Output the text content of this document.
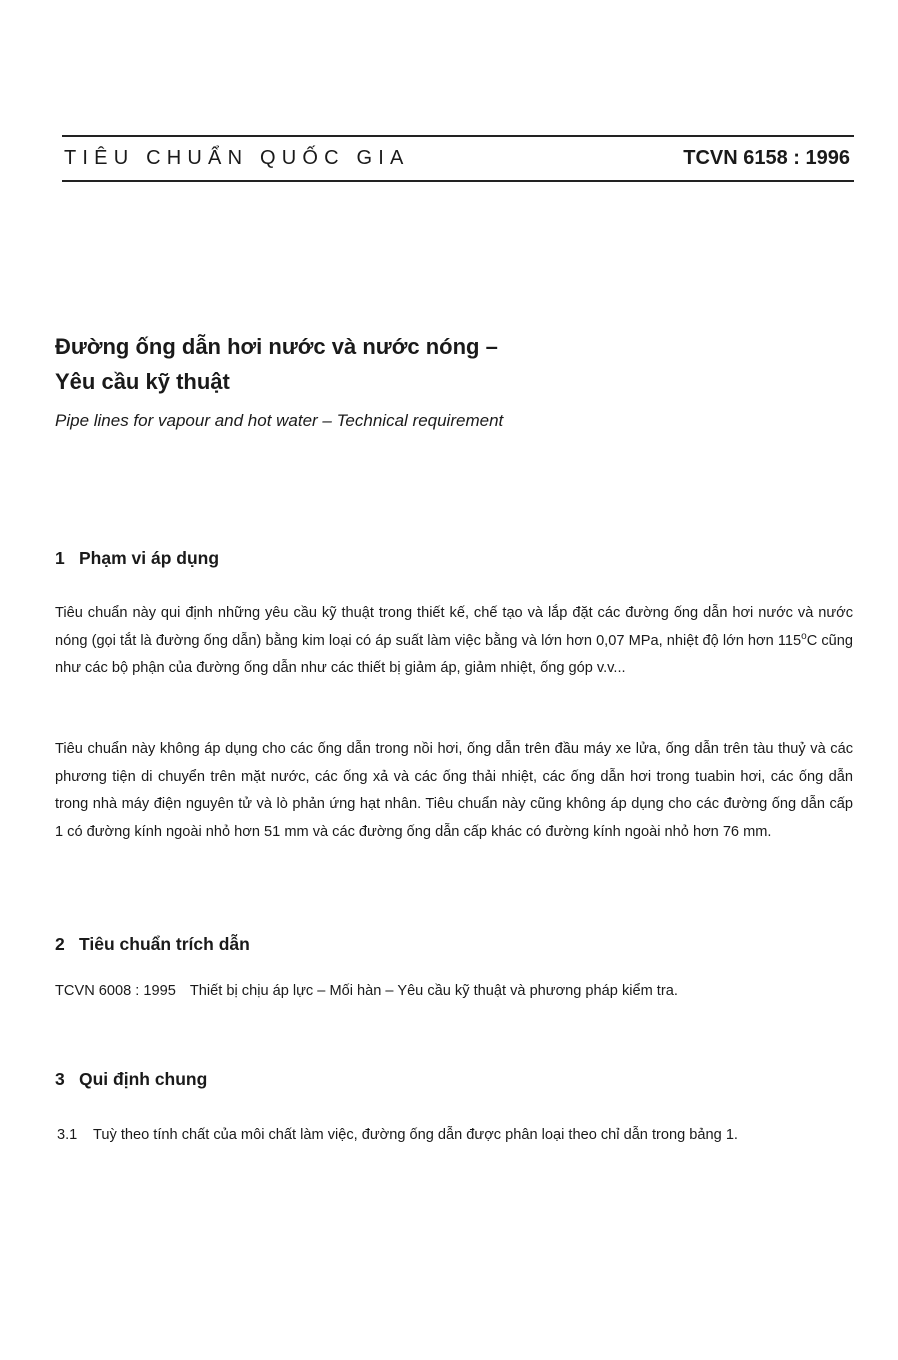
TIÊU CHUẨN QUỐC GIA	TCVN 6158 : 1996
Đường ống dẫn hơi nước và nước nóng –
Yêu cầu kỹ thuật
Pipe lines for vapour and hot water – Technical requirement
1 Phạm vi áp dụng
Tiêu chuẩn này qui định những yêu cầu kỹ thuật trong thiết kế, chế tạo và lắp đặt các đường ống dẫn hơi nước và nước nóng (gọi tắt là đường ống dẫn) bằng kim loại có áp suất làm việc bằng và lớn hơn 0,07 MPa, nhiệt độ lớn hơn 115$^o$C cũng như các bộ phận của đường ống dẫn như các thiết bị giảm áp, giảm nhiệt, ống góp v.v...
Tiêu chuẩn này không áp dụng cho các ống dẫn trong nồi hơi, ống dẫn trên đầu máy xe lửa, ống dẫn trên tàu thuỷ và các phương tiện di chuyển trên mặt nước, các ống xả và các ống thải nhiệt, các ống dẫn hơi trong tuabin hơi, các ống dẫn trong nhà máy điện nguyên tử và lò phản ứng hạt nhân. Tiêu chuẩn này cũng không áp dụng cho các đường ống dẫn cấp 1 có đường kính ngoài nhỏ hơn 51 mm và các đường ống dẫn cấp khác có đường kính ngoài nhỏ hơn 76 mm.
2 Tiêu chuẩn trích dẫn
TCVN 6008 : 1995 Thiết bị chịu áp lực – Mối hàn – Yêu cầu kỹ thuật và phương pháp kiểm tra.
3 Qui định chung
3.1 Tuỳ theo tính chất của môi chất làm việc, đường ống dẫn được phân loại theo chỉ dẫn trong bảng 1.
